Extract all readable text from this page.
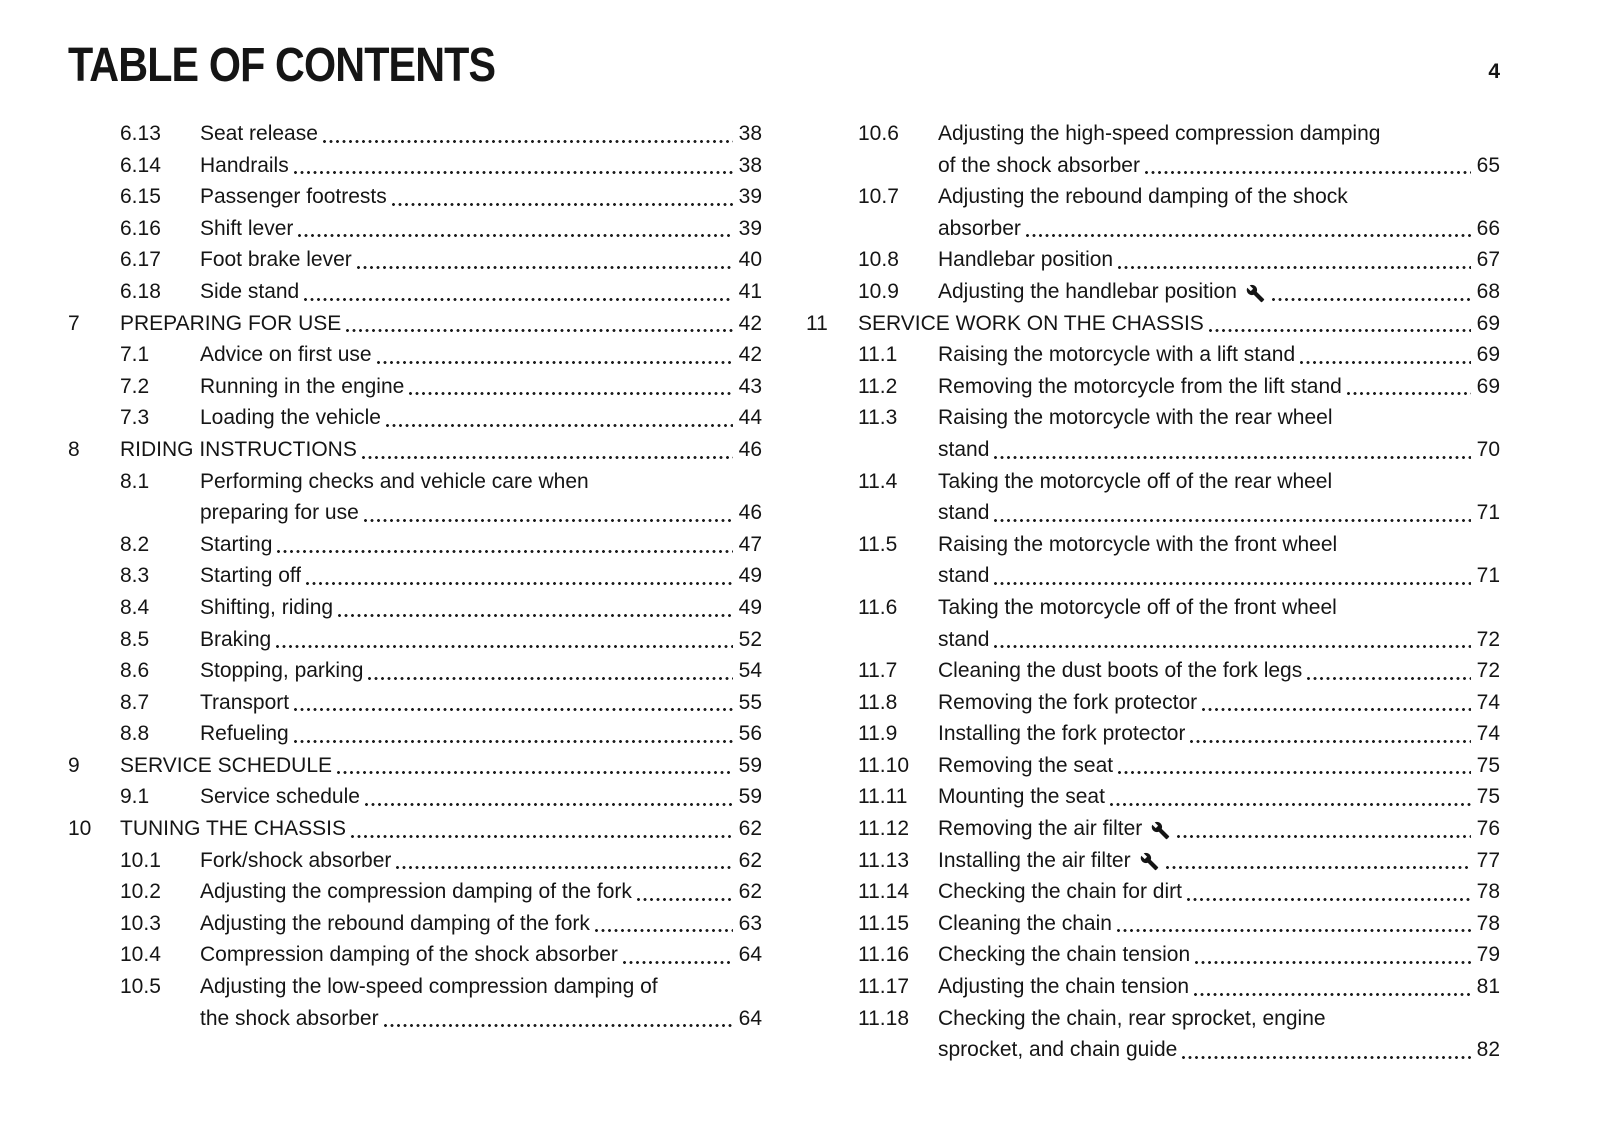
TABLE OF CONTENTS	4
6.13	Seat release	38
6.14	Handrails	38
6.15	Passenger footrests	39
6.16	Shift lever	39
6.17	Foot brake lever	40
6.18	Side stand	41
7	PREPARING FOR USE	42
7.1	Advice on first use	42
7.2	Running in the engine	43
7.3	Loading the vehicle	44
8	RIDING INSTRUCTIONS	46
8.1	Performing checks and vehicle care when
preparing for use	46
8.2	Starting	47
8.3	Starting off	49
8.4	Shifting, riding	49
8.5	Braking	52
8.6	Stopping, parking	54
8.7	Transport	55
8.8	Refueling	56
9	SERVICE SCHEDULE	59
9.1	Service schedule	59
10	TUNING THE CHASSIS	62
10.1	Fork/shock absorber	62
10.2	Adjusting the compression damping of the fork	62
10.3	Adjusting the rebound damping of the fork	63
10.4	Compression damping of the shock absorber	64
10.5	Adjusting the low-speed compression damping of
the shock absorber	64
10.6	Adjusting the high-speed compression damping
of the shock absorber	65
10.7	Adjusting the rebound damping of the shock
absorber	66
10.8	Handlebar position	67
10.9	Adjusting the handlebar position	68
11	SERVICE WORK ON THE CHASSIS	69
11.1	Raising the motorcycle with a lift stand	69
11.2	Removing the motorcycle from the lift stand	69
11.3	Raising the motorcycle with the rear wheel
stand	70
11.4	Taking the motorcycle off of the rear wheel
stand	71
11.5	Raising the motorcycle with the front wheel
stand	71
11.6	Taking the motorcycle off of the front wheel
stand	72
11.7	Cleaning the dust boots of the fork legs	72
11.8	Removing the fork protector	74
11.9	Installing the fork protector	74
11.10	Removing the seat	75
11.11	Mounting the seat	75
11.12	Removing the air filter	76
11.13	Installing the air filter	77
11.14	Checking the chain for dirt	78
11.15	Cleaning the chain	78
11.16	Checking the chain tension	79
11.17	Adjusting the chain tension	81
11.18	Checking the chain, rear sprocket, engine
sprocket, and chain guide	82
